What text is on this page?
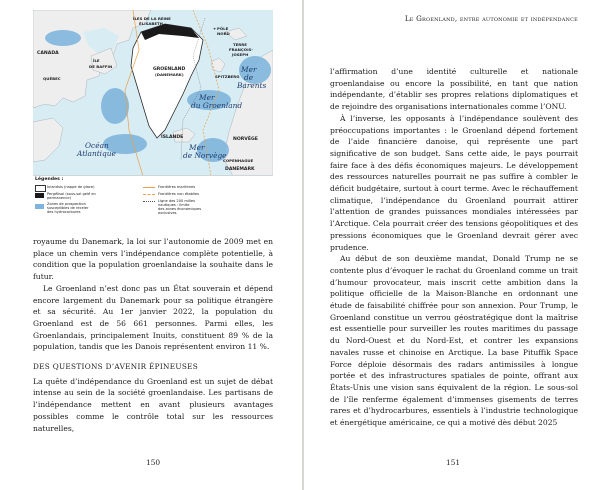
+
CANADA
QUÉBEC
ÎLE
DE BAFFIN
ÎLES DE LA REINE
ÉLISABETH
PÔLE
NORD
TERRE
FRANÇOIS-
JOSEPH
GROENLAND
(DANEMARK)	SPITZBERG
ISLANDE	NORVÈGE
COPENHAGUE
DANEMARK
Mer
de
Barents
Mer
du Groenland
Océan
Atlantique
Mer
de Norvège
Légendes :
Inlandsis (nappe de glace)
Pergélisol (sous-sol gelé en permanence)
Zones de prospection
susceptibles de receler
des hydrocarbures
Frontières maritimes
Frontières non établies
Ligne des 200 milles
nautiques : limite
des zones économiques
exclusives

royaume du Danemark, la loi sur l’autonomie de 2009 met en place un chemin vers l’indépendance complète potentielle, à condition que la population groenlandaise la souhaite dans le futur.

Le Groenland n’est donc pas un État souverain et dépend encore largement du Danemark pour sa politique étrangère et sa sécurité. Au 1er janvier 2022, la population du Groenland est de 56 661 personnes. Parmi elles, les Groenlandais, principalement Inuits, constituent 89 % de la population, tandis que les Danois représentent environ 11 %.

DES QUESTIONS D’AVENIR ÉPINEUSES

La quête d’indépendance du Groenland est un sujet de débat intense au sein de la société groenlandaise. Les partisans de l’indépendance mettent en avant plusieurs avantages possibles comme le contrôle total sur les ressources naturelles,

150
Le Groenland, entre autonomie et indépendance

l’affirmation d’une identité culturelle et nationale groenlandaise ou encore la possibilité, en tant que nation indépendante, d’établir ses propres relations diplomatiques et de rejoindre des organisations internationales comme l’ONU.

À l’inverse, les opposants à l’indépendance soulèvent des préoccupations importantes : le Groenland dépend fortement de l’aide financière danoise, qui représente une part significative de son budget. Sans cette aide, le pays pourrait faire face à des défis économiques majeurs. Le développement des ressources naturelles pourrait ne pas suffire à combler le déficit budgétaire, surtout à court terme. Avec le réchauffement climatique, l’indépendance du Groenland pourrait attirer l’attention de grandes puissances mondiales intéressées par l’Arctique. Cela pourrait créer des tensions géopolitiques et des pressions économiques que le Groenland devrait gérer avec prudence.

Au début de son deuxième mandat, Donald Trump ne se contente plus d’évoquer le rachat du Groenland comme un trait d’humour provocateur, mais inscrit cette ambition dans la politique officielle de la Maison-Blanche en ordonnant une étude de faisabilité chiffrée pour son annexion. Pour Trump, le Groenland constitue un verrou géostratégique dont la maîtrise est essentielle pour surveiller les routes maritimes du passage du Nord-Ouest et du Nord-Est, et contrer les expansions navales russe et chinoise en Arctique. La base Pituffik Space Force déploie désormais des radars antimissiles à longue portée et des infrastructures spatiales de pointe, offrant aux États-Unis une vision sans équivalent de la région. Le sous-sol de l’île renferme également d’immenses gisements de terres rares et d’hydrocarbures, essentiels à l’industrie technologique et énergétique américaine, ce qui a motivé dès début 2025

151
